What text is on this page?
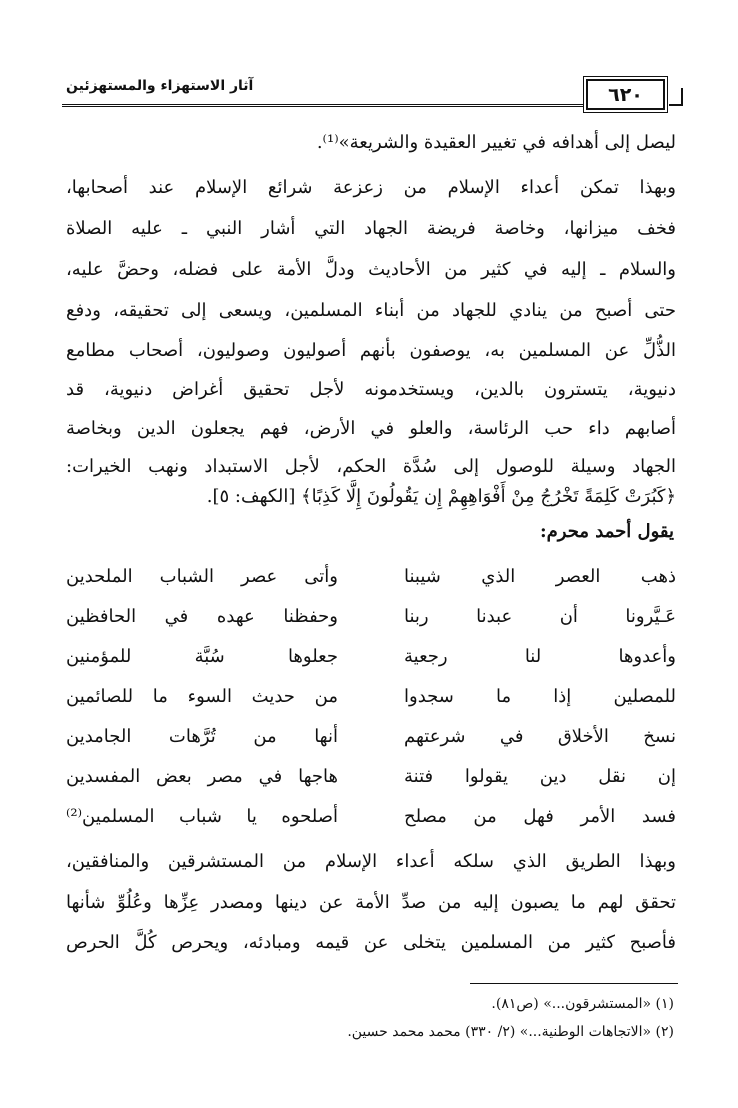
آثار الاستهزاء والمستهزئين	٦٢٠
ليصل إلى أهدافه في تغيير العقيدة والشريعة»⁽¹⁾.
وبهذا تمكن أعداء الإسلام من زعزعة شرائع الإسلام عند أصحابها،
فخف ميزانها، وخاصة فريضة الجهاد التي أشار النبي ـ عليه الصلاة
والسلام ـ إليه في كثير من الأحاديث ودلَّ الأمة على فضله، وحضَّ عليه،
حتى أصبح من ينادي للجهاد من أبناء المسلمين، ويسعى إلى تحقيقه، ودفع
الذُّلِّ عن المسلمين به، يوصفون بأنهم أصوليون وصوليون، أصحاب مطامع
دنيوية، يتسترون بالدين، ويستخدمونه لأجل تحقيق أغراض دنيوية، قد
أصابهم داء حب الرئاسة، والعلو في الأرض، فهم يجعلون الدين وبخاصة
الجهاد وسيلة للوصول إلى سُدَّة الحكم، لأجل الاستبداد ونهب الخيرات:
﴿كَبُرَتْ كَلِمَةً تَخْرُجُ مِنْ أَفْوَاهِهِمْ إِن يَقُولُونَ إِلَّا كَذِبًا﴾ [الكهف: ٥].
يقول أحمد محرم:
ذهب العصر الذي شيبنا
وأتى عصر الشباب الملحدين
عَـيَّرونا أن عبدنا ربنا
وحفظنا عهده في الحافظين
وأعدوها لنا رجعية
جعلوها سُبَّة للمؤمنين
للمصلين إذا ما سجدوا
من حديث السوء ما للصائمين
نسخ الأخلاق في شرعتهم
أنها من تُرَّهات الجامدين
إن نقل دين يقولوا فتنة
هاجها في مصر بعض المفسدين
فسد الأمر فهل من مصلح
أصلحوه يا شباب المسلمين⁽²⁾
وبهذا الطريق الذي سلكه أعداء الإسلام من المستشرقين والمنافقين،
تحقق لهم ما يصبون إليه من صدِّ الأمة عن دينها ومصدر عِزِّها وعُلُوِّ شأنها
فأصبح كثير من المسلمين يتخلى عن قيمه ومبادئه، ويحرص كُلَّ الحرص
(١) «المستشرقون...» (ص٨١).
(٢) «الاتجاهات الوطنية...» (٢/ ٣٣٠) محمد محمد حسين.
